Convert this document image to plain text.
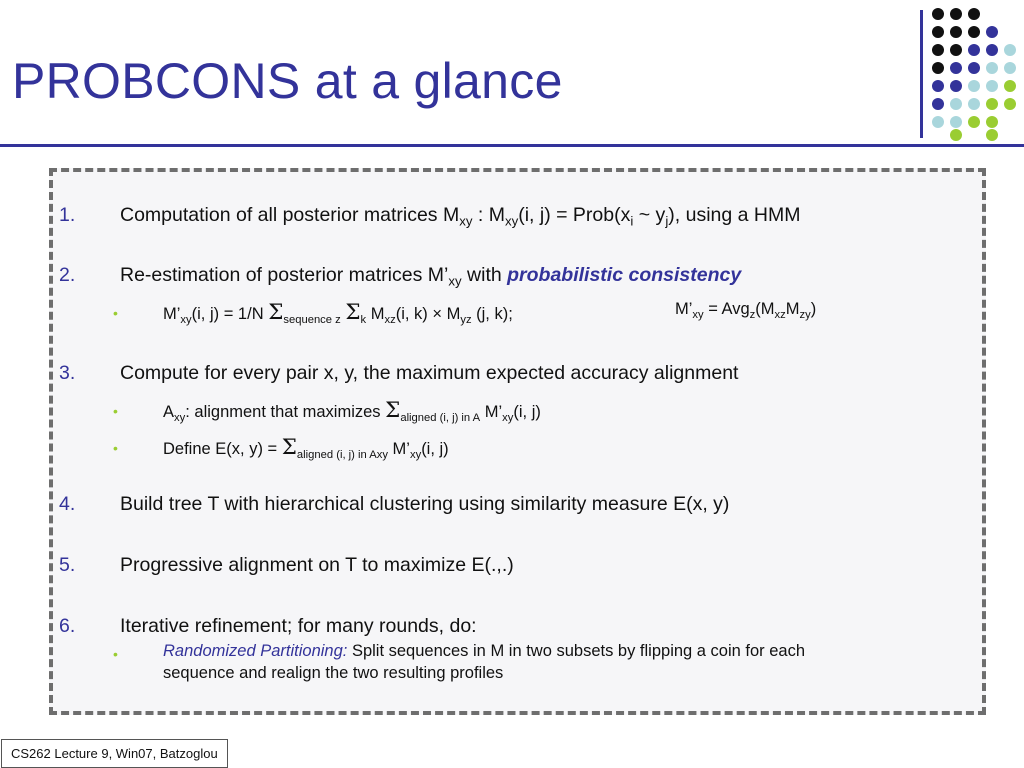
PROBCONS at a glance
1. Computation of all posterior matrices $M_{xy}$ : $M_{xy}(i$, $j) = Prob(x_i$ ~ $y_j$), using a HMM
2. Re-estimation of posterior matrices $M’_{xy}$ with probabilistic consistency
•	$M’_{xy}(i$, j) = 1/N $\Sigma_{sequence z}$ $\Sigma_k$ $M_{xz}(i$, $k) \times M_{yz}$ (j, k);	$M’_{xy} = Avg_z(M_{xz}M_{zy})$
3. Compute for every pair x, y, the maximum expected accuracy alignment
•	$A_{xy}$: alignment that maximizes $\Sigma_{aligned (i, j) in A}$ $M’_{xy}(i$, j)
•	Define E(x, $y) = \Sigma_{aligned (i, j) in Axy}$ $M’_{xy}(i$, j)
4. Build tree T with hierarchical clustering using similarity measure E(x, y)
5. Progressive alignment on T to maximize E(.,.)
6. Iterative refinement; for many rounds, do:
•	Randomized Partitioning: Split sequences in M in two subsets by flipping a coin for each
sequence and realign the two resulting profiles
CS262 Lecture 9, Win07, Batzoglou
